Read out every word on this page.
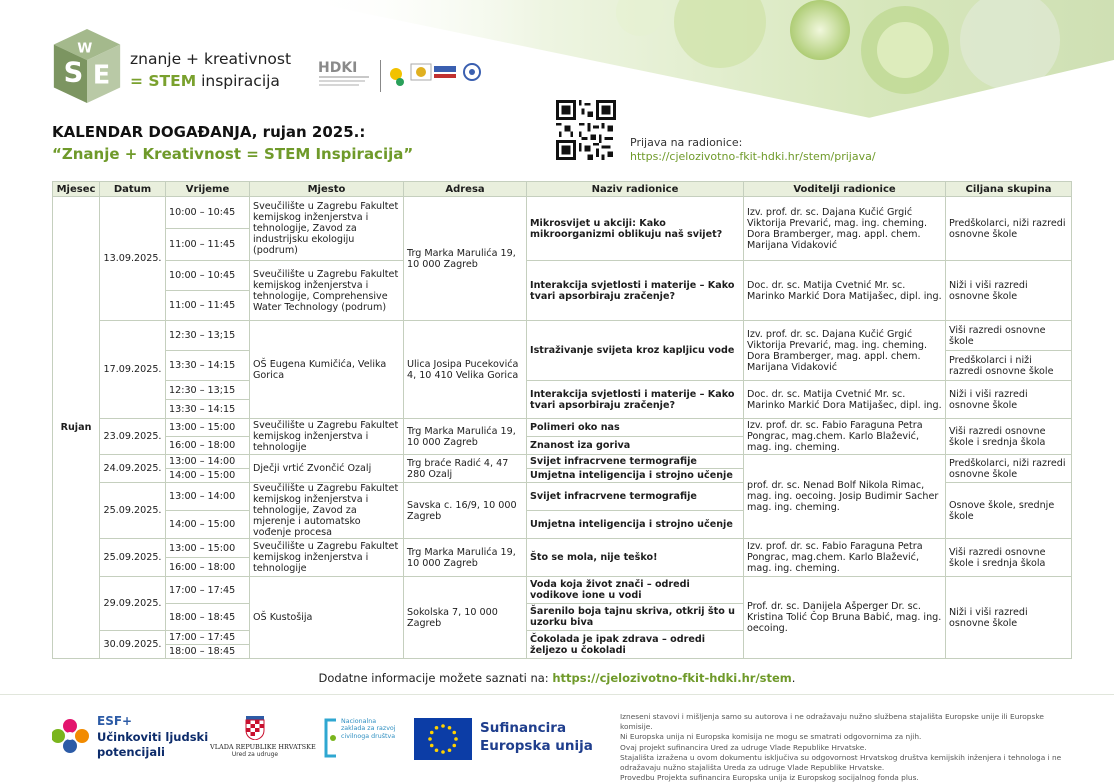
S E
W
znanje + kreativnost
= STEM inspiracija
HDKI
KALENDAR DOGAĐANJA, rujan 2025.:
“Znanje + Kreativnost = STEM Inspiracija”
Prijava na radionice:
https://cjelozivotno-fkit-hdki.hr/stem/prijava/
Mjesec	Datum	Vrijeme	Mjesto	Adresa	Naziv radionice	Voditelji radionice	Ciljana skupina
Rujan	13.09.2025.	10:00 – 10:45	Sveučilište u Zagrebu Fakultet kemijskog inženjerstva i tehnologije, Zavod za industrijsku ekologiju (podrum)	Trg Marka Marulića 19, 10 000 Zagreb	Mikrosvijet u akciji: Kako mikroorganizmi oblikuju naš svijet?	Izv. prof. dr. sc. Dajana Kučić Grgić Viktorija Prevarić, mag. ing. cheming. Dora Bramberger, mag. appl. chem. Marijana Vidaković	Predškolarci, niži razredi osnovne škole
		11:00 – 11:45					
		10:00 – 10:45	Sveučilište u Zagrebu Fakultet kemijskog inženjerstva i tehnologije, Comprehensive Water Technology (podrum)		Interakcija svjetlosti i materije – Kako tvari apsorbiraju zračenje?	Doc. dr. sc. Matija Cvetnić Mr. sc. Marinko Markić Dora Matijašec, dipl. ing.	Niži i viši razredi osnovne škole
		11:00 – 11:45					
	17.09.2025.	12:30 – 13;15	OŠ Eugena Kumičića, Velika Gorica	Ulica Josipa Pucekovića 4, 10 410 Velika Gorica	Istraživanje svijeta kroz kapljicu vode	Izv. prof. dr. sc. Dajana Kučić Grgić Viktorija Prevarić, mag. ing. cheming. Dora Bramberger, mag. appl. chem. Marijana Vidaković	Viši razredi osnovne škole
		13:30 – 14:15					Predškolarci i niži razredi osnovne škole
		12:30 – 13;15			Interakcija svjetlosti i materije – Kako tvari apsorbiraju zračenje?	Doc. dr. sc. Matija Cvetnić Mr. sc. Marinko Markić Dora Matijašec, dipl. ing.	Niži i viši razredi osnovne škole
		13:30 – 14:15					
	23.09.2025.	13:00 – 15:00	Sveučilište u Zagrebu Fakultet kemijskog inženjerstva i tehnologije	Trg Marka Marulića 19, 10 000 Zagreb	Polimeri oko nas	Izv. prof. dr. sc. Fabio Faraguna Petra Pongrac, mag.chem. Karlo Blažević, mag. ing. cheming.	Viši razredi osnovne škole i srednja škola
		16:00 – 18:00			Znanost iza goriva		
	24.09.2025.	13:00 – 14:00	Dječji vrtić Zvončić Ozalj	Trg braće Radić 4, 47 280 Ozalj	Svijet infracrvene termografije	prof. dr. sc. Nenad Bolf Nikola Rimac, mag. ing. oecoing. Josip Budimir Sacher mag. ing. cheming.	Predškolarci, niži razredi osnovne škole
		14:00 – 15:00			Umjetna inteligencija i strojno učenje		
	25.09.2025.	13:00 – 14:00	Sveučilište u Zagrebu Fakultet kemijskog inženjerstva i tehnologije, Zavod za mjerenje i automatsko vođenje procesa	Savska c. 16/9, 10 000 Zagreb	Svijet infracrvene termografije		Osnove škole, srednje škole
		14:00 – 15:00			Umjetna inteligencija i strojno učenje		
	25.09.2025.	13:00 – 15:00	Sveučilište u Zagrebu Fakultet kemijskog inženjerstva i tehnologije	Trg Marka Marulića 19, 10 000 Zagreb	Što se mola, nije teško!	Izv. prof. dr. sc. Fabio Faraguna Petra Pongrac, mag.chem. Karlo Blažević, mag. ing. cheming.	Viši razredi osnovne škole i srednja škola
		16:00 – 18:00					
	29.09.2025.	17:00 – 17:45	OŠ Kustošija	Sokolska 7, 10 000 Zagreb	Voda koja život znači – odredi vodikove ione u vodi	Prof. dr. sc. Danijela Ašperger Dr. sc. Kristina Tolić Čop Bruna Babić, mag. ing. oecoing.	Niži i viši razredi osnovne škole
		18:00 – 18:45			Šarenilo boja tajnu skriva, otkrij što u uzorku biva		
	30.09.2025.	17:00 – 17:45			Čokolada je ipak zdrava – odredi željezo u čokoladi		
		18:00 – 18:45					
Dodatne informacije možete saznati na: https://cjelozivotno-fkit-hdki.hr/stem.
ESF+
Učinkoviti ljudski
potencijali	VLADA REPUBLIKE HRVATSKE
Ured za udruge
Nacionalna zaklada za razvoj civilnoga društva
Sufinancira
Europska unija

Izneseni stavovi i mišljenja samo su autorova i ne odražavaju nužno službena stajališta Europske unije ili Europske komisije.

Ni Europska unija ni Europska komisija ne mogu se smatrati odgovornima za njih.

Ovaj projekt sufinancira Ured za udruge Vlade Republike Hrvatske.

Stajališta izražena u ovom dokumentu isključiva su odgovornost Hrvatskog društva kemijskih inženjera i tehnologa i ne odražavaju nužno stajališta Ureda za udruge Vlade Republike Hrvatske.

Provedbu Projekta sufinancira Europska unija iz Europskog socijalnog fonda plus.
